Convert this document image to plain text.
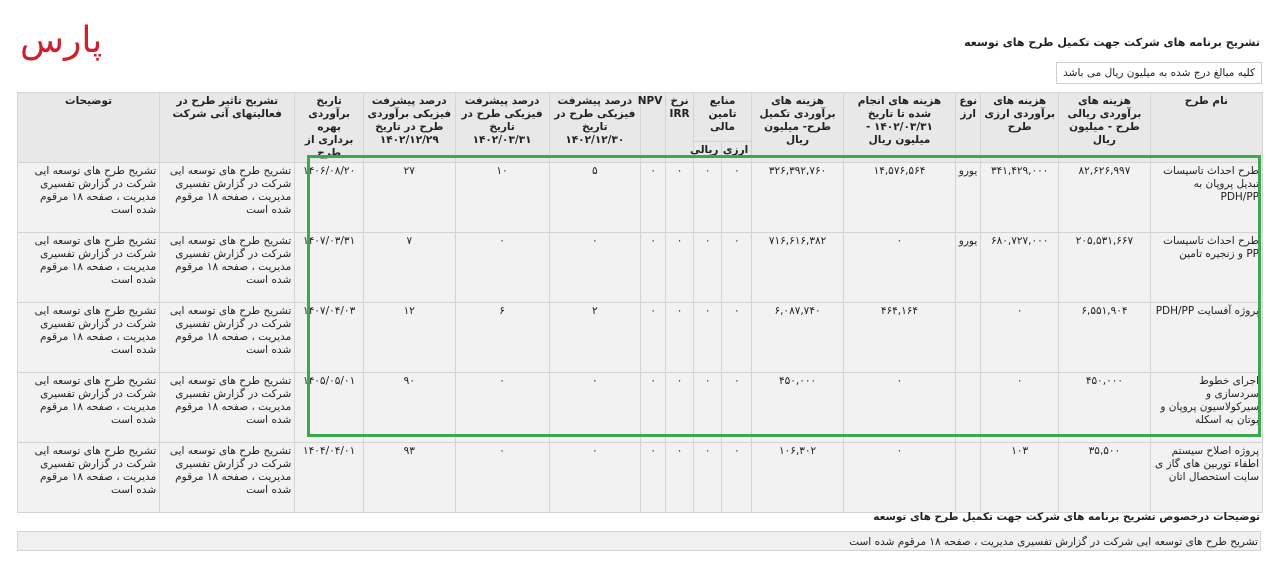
پارس	تشریح برنامه های شرکت جهت تکمیل طرح های توسعه
کلیه مبالغ درج شده به میلیون ریال می باشد
نام طرح	هزینه های برآوردی ریالی طرح - میلیون ریال	هزینه های برآوردی ارزی طرح	نوع ارز	هزینه های انجام شده تا تاریخ ۱۴۰۲/۰۳/۳۱ - میلیون ریال	هزینه های برآوردی تکمیل طرح- میلیون ریال	منابع تامین مالی		نرخ IRR	NPV	درصد پیشرفت فیزیکی طرح در تاریخ ۱۴۰۲/۱۲/۳۰	درصد پیشرفت فیزیکی طرح در تاریخ ۱۴۰۲/۰۳/۳۱	درصد پیشرفت فیزیکی برآوردی طرح در تاریخ ۱۴۰۲/۱۲/۲۹	تاریخ برآوردی بهره برداری از طرح	تشریح تاثیر طرح در فعالیتهای آتی شرکت	توضیحات
						ارزی	ریالی								
طرح احداث تاسیسات تبدیل پروپان به PDH/PP	۸۲,۶۲۶,۹۹۷	۳۴۱,۴۲۹,۰۰۰	یورو	۱۴,۵۷۶,۵۶۴	۳۲۶,۳۹۲,۷۶۰	۰	۰	۰	۰	۵	۱۰	۲۷	۱۴۰۶/۰۸/۲۰	تشریح طرح های توسعه ایی شرکت در گزارش تفسیری مدیریت ، صفحه ۱۸ مرقوم شده است	تشریح طرح های توسعه ایی شرکت در گزارش تفسیری مدیریت ، صفحه ۱۸ مرقوم شده است
طرح احداث تاسیسات PP و زنجیره تامین	۲۰۵,۵۳۱,۶۶۷	۶۸۰,۷۲۷,۰۰۰	یورو	۰	۷۱۶,۶۱۶,۳۸۲	۰	۰	۰	۰	۰	۰	۷	۱۴۰۷/۰۳/۳۱	تشریح طرح های توسعه ایی شرکت در گزارش تفسیری مدیریت ، صفحه ۱۸ مرقوم شده است	تشریح طرح های توسعه ایی شرکت در گزارش تفسیری مدیریت ، صفحه ۱۸ مرقوم شده است
پروژه آفسایت PDH/PP	۶,۵۵۱,۹۰۴	۰		۴۶۴,۱۶۴	۶,۰۸۷,۷۴۰	۰	۰	۰	۰	۲	۶	۱۲	۱۴۰۷/۰۴/۰۳	تشریح طرح های توسعه ایی شرکت در گزارش تفسیری مدیریت ، صفحه ۱۸ مرقوم شده است	تشریح طرح های توسعه ایی شرکت در گزارش تفسیری مدیریت ، صفحه ۱۸ مرقوم شده است
اجرای خطوط سردسازی و سیرکولاسیون پروپان و بوتان به اسکله	۴۵۰,۰۰۰	۰		۰	۴۵۰,۰۰۰	۰	۰	۰	۰	۰	۰	۹۰	۱۴۰۵/۰۵/۰۱	تشریح طرح های توسعه ایی شرکت در گزارش تفسیری مدیریت ، صفحه ۱۸ مرقوم شده است	تشریح طرح های توسعه ایی شرکت در گزارش تفسیری مدیریت ، صفحه ۱۸ مرقوم شده است
پروژه اصلاح سیستم اطفاء توربین های گاز ی سایت استحصال اتان	۳۵,۵۰۰	۱۰۳		۰	۱۰۶,۳۰۲	۰	۰	۰	۰	۰	۰	۹۳	۱۴۰۴/۰۴/۰۱	تشریح طرح های توسعه ایی شرکت در گزارش تفسیری مدیریت ، صفحه ۱۸ مرقوم شده است	تشریح طرح های توسعه ایی شرکت در گزارش تفسیری مدیریت ، صفحه ۱۸ مرقوم شده است
توضیحات درخصوص تشریح برنامه های شرکت جهت تکمیل طرح های توسعه
تشریح طرح های توسعه ایی شرکت در گزارش تفسیری مدیریت ، صفحه ۱۸ مرقوم شده است
